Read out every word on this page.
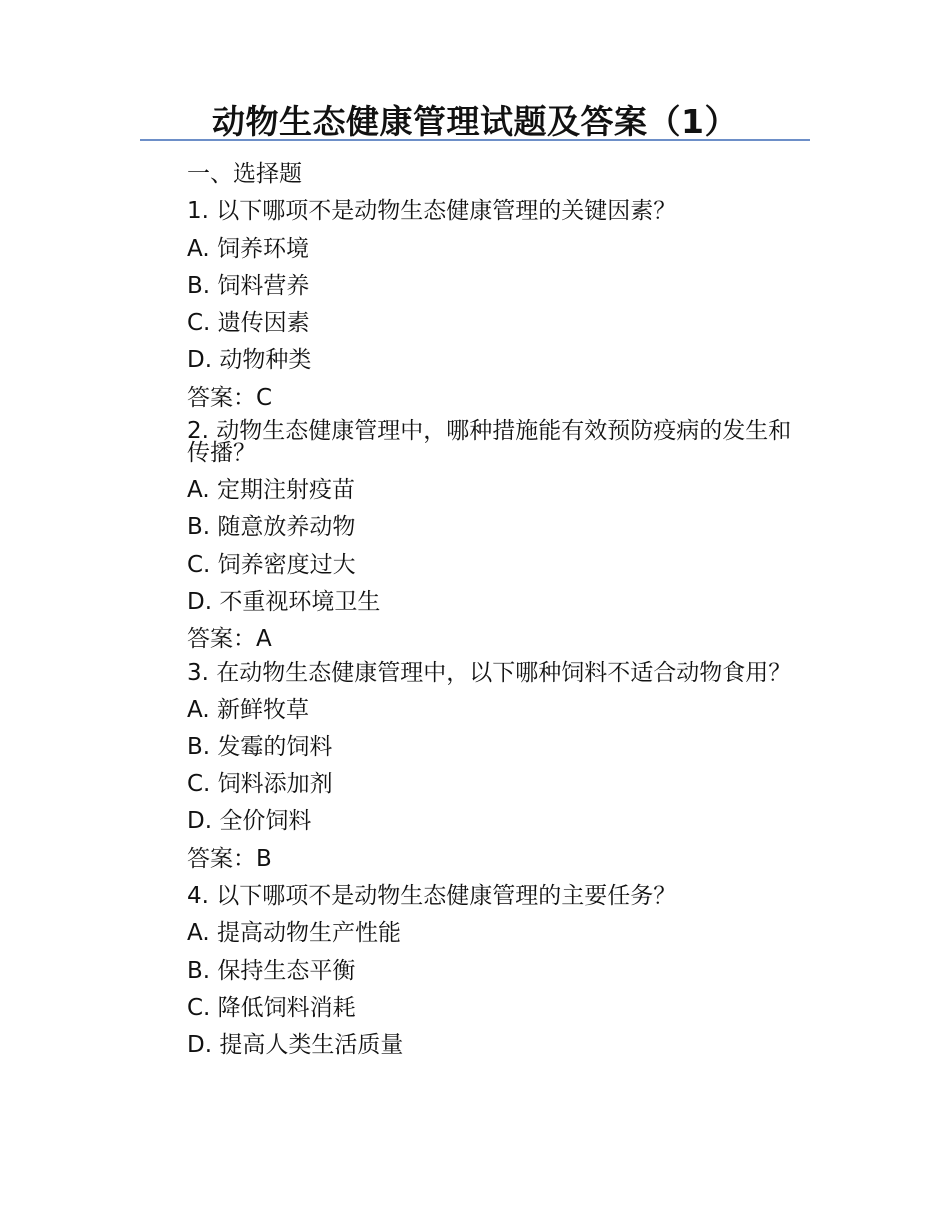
动物生态健康管理试题及答案（1）

一、选择题

1. 以下哪项不是动物生态健康管理的关键因素？

A. 饲养环境

B. 饲料营养

C. 遗传因素

D. 动物种类

答案：C

2. 动物生态健康管理中，哪种措施能有效预防疫病的发生和传播？

A. 定期注射疫苗

B. 随意放养动物

C. 饲养密度过大

D. 不重视环境卫生

答案：A

3. 在动物生态健康管理中，以下哪种饲料不适合动物食用？

A. 新鲜牧草

B. 发霉的饲料

C. 饲料添加剂

D. 全价饲料

答案：B

4. 以下哪项不是动物生态健康管理的主要任务？

A. 提高动物生产性能

B. 保持生态平衡

C. 降低饲料消耗

D. 提高人类生活质量
